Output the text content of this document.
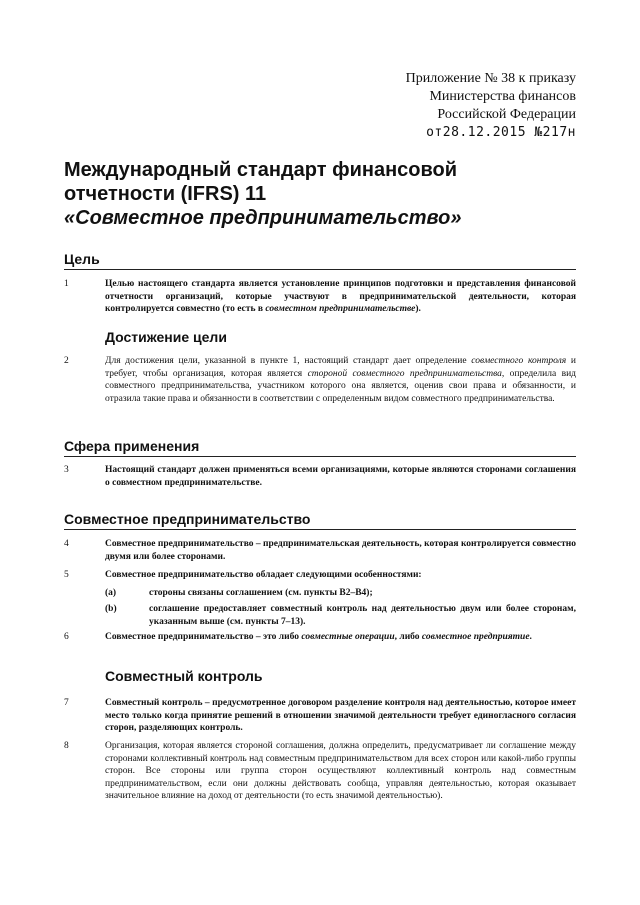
Приложение № 38 к приказу
Министерства финансов
Российской Федерации
от28.12.2015 №217н
Международный стандарт финансовой
отчетности (IFRS) 11
«Совместное предпринимательство»
Цель
1	Целью настоящего стандарта является установление принципов подготовки и представления финансовой отчетности организаций, которые участвуют в предпринимательской деятельности, которая контролируется совместно (то есть в совместном предпринимательстве).
Достижение цели
2	Для достижения цели, указанной в пункте 1, настоящий стандарт дает определение совместного контроля и требует, чтобы организация, которая является стороной совместного предпринимательства, определила вид совместного предпринимательства, участником которого она является, оценив свои права и обязанности, и отразила такие права и обязанности в соответствии с определенным видом совместного предпринимательства.
Сфера применения
3	Настоящий стандарт должен применяться всеми организациями, которые являются сторонами соглашения о совместном предпринимательстве.
Совместное предпринимательство
4	Совместное предпринимательство – предпринимательская деятельность, которая контролируется совместно двумя или более сторонами.
5	Совместное предпринимательство обладает следующими особенностями:
(a)	стороны связаны соглашением (см. пункты B2–B4);
(b)	соглашение предоставляет совместный контроль над деятельностью двум или более сторонам, указанным выше (см. пункты 7–13).
6	Совместное предпринимательство – это либо совместные операции, либо совместное предприятие.
Совместный контроль
7	Совместный контроль – предусмотренное договором разделение контроля над деятельностью, которое имеет место только когда принятие решений в отношении значимой деятельности требует единогласного согласия сторон, разделяющих контроль.
8	Организация, которая является стороной соглашения, должна определить, предусматривает ли соглашение между сторонами коллективный контроль над совместным предпринимательством для всех сторон или какой-либо группы сторон. Все стороны или группа сторон осуществляют коллективный контроль над совместным предпринимательством, если они должны действовать сообща, управляя деятельностью, которая оказывает значительное влияние на доход от деятельности (то есть значимой деятельностью).
